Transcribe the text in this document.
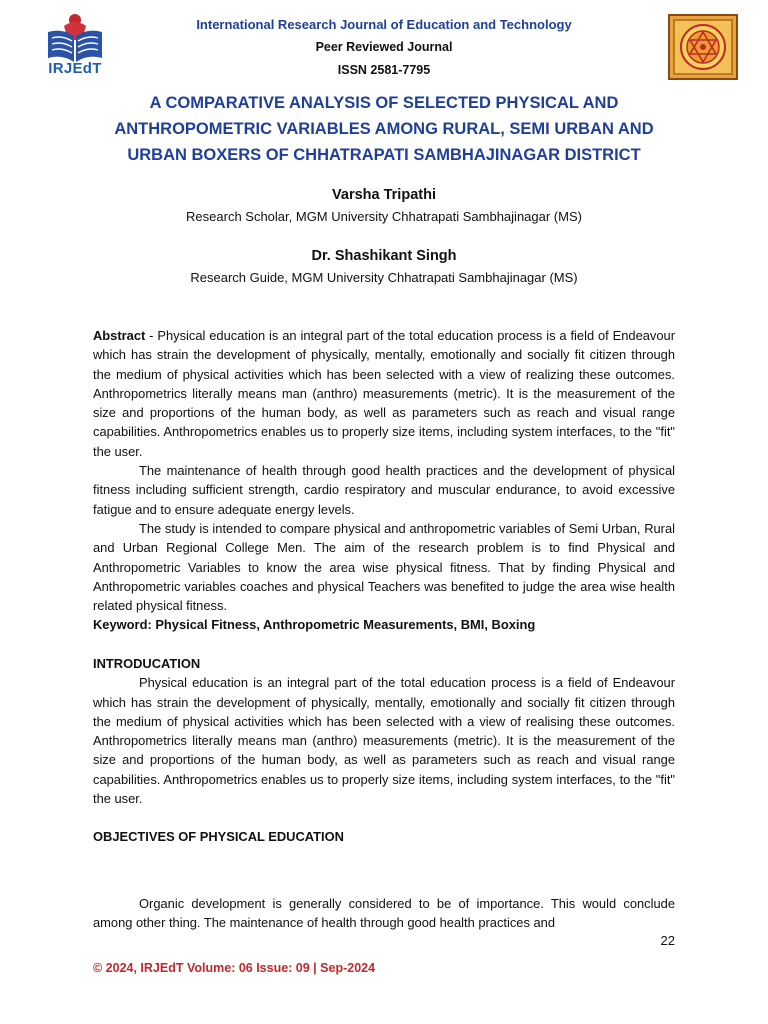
IRJEdT
International Research Journal of Education and Technology
Peer Reviewed Journal
ISSN 2581-7795
A COMPARATIVE ANALYSIS OF SELECTED PHYSICAL AND
ANTHROPOMETRIC VARIABLES AMONG RURAL, SEMI URBAN AND
URBAN BOXERS OF CHHATRAPATI SAMBHAJINAGAR DISTRICT
Varsha Tripathi
Research Scholar, MGM University Chhatrapati Sambhajinagar (MS)
Dr. Shashikant Singh
Research Guide, MGM University Chhatrapati Sambhajinagar (MS)

Abstract - Physical education is an integral part of the total education process is a field of Endeavour which has strain the development of physically, mentally, emotionally and socially fit citizen through the medium of physical activities which has been selected with a view of realizing these outcomes. Anthropometrics literally means man (anthro) measurements (metric). It is the measurement of the size and proportions of the human body, as well as parameters such as reach and visual range capabilities. Anthropometrics enables us to properly size items, including system interfaces, to the "fit" the user.

The maintenance of health through good health practices and the development of physical fitness including sufficient strength, cardio respiratory and muscular endurance, to avoid excessive fatigue and to ensure adequate energy levels.

The study is intended to compare physical and anthropometric variables of Semi Urban, Rural and Urban Regional College Men. The aim of the research problem is to find Physical and Anthropometric Variables to know the area wise physical fitness. That by finding Physical and Anthropometric variables coaches and physical Teachers was benefited to judge the area wise health related physical fitness.

Keyword: Physical Fitness, Anthropometric Measurements, BMI, Boxing

INTRODUCATION

Physical education is an integral part of the total education process is a field of Endeavour which has strain the development of physically, mentally, emotionally and socially fit citizen through the medium of physical activities which has been selected with a view of realising these outcomes. Anthropometrics literally means man (anthro) measurements (metric). It is the measurement of the size and proportions of the human body, as well as parameters such as reach and visual range capabilities. Anthropometrics enables us to properly size items, including system interfaces, to the "fit" the user.

OBJECTIVES OF PHYSICAL EDUCATION

Organic development is generally considered to be of importance. This would conclude among other thing. The maintenance of health through good health practices and

22
© 2024, IRJEdT Volume: 06 Issue: 09 | Sep-2024
